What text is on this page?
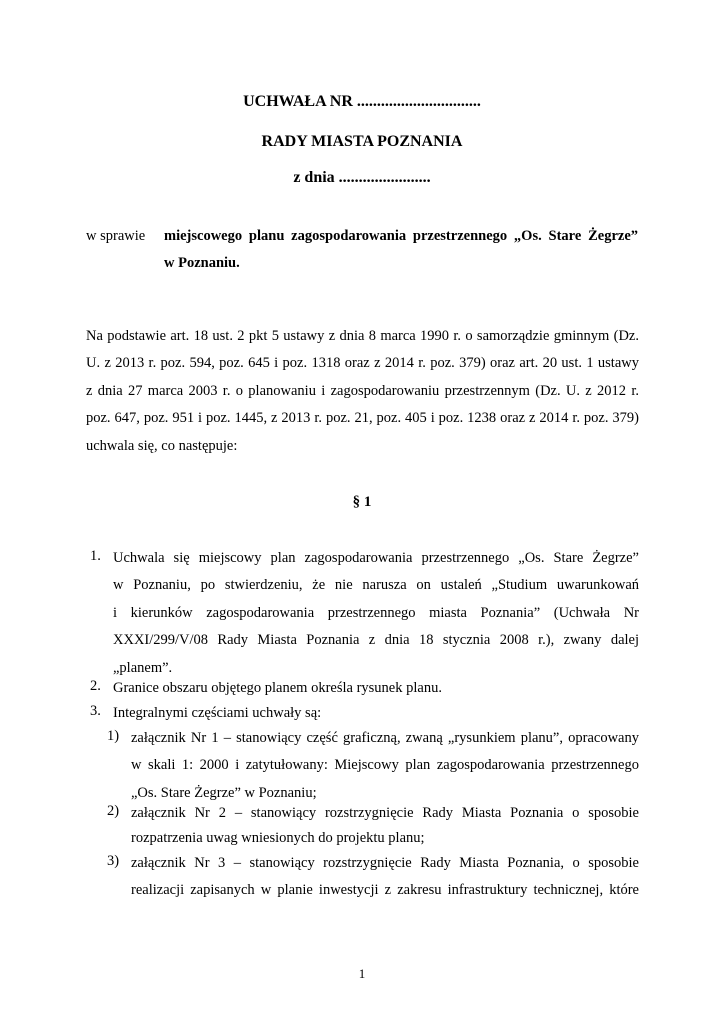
UCHWAŁA NR ...............................
RADY MIASTA POZNANIA
z dnia .......................
w sprawie miejscowego planu zagospodarowania przestrzennego „Os. Stare Żegrze”
w Poznaniu.
Na podstawie art. 18 ust. 2 pkt 5 ustawy z dnia 8 marca 1990 r. o samorządzie gminnym (Dz.
U. z 2013 r. poz. 594, poz. 645 i poz. 1318 oraz z 2014 r. poz. 379) oraz art. 20 ust. 1 ustawy
z dnia 27 marca 2003 r. o planowaniu i zagospodarowaniu przestrzennym (Dz. U. z 2012 r.
poz. 647, poz. 951 i poz. 1445, z 2013 r. poz. 21, poz. 405 i poz. 1238 oraz z 2014 r. poz. 379)
uchwala się, co następuje:
§ 1
1. Uchwala się miejscowy plan zagospodarowania przestrzennego „Os. Stare Żegrze”
w Poznaniu, po stwierdzeniu, że nie narusza on ustaleń „Studium uwarunkowań
i kierunków zagospodarowania przestrzennego miasta Poznania” (Uchwała Nr
XXXI/299/V/08 Rady Miasta Poznania z dnia 18 stycznia 2008 r.), zwany dalej
„planem”.
2. Granice obszaru objętego planem określa rysunek planu.
3. Integralnymi częściami uchwały są:
1) załącznik Nr 1 – stanowiący część graficzną, zwaną „rysunkiem planu”, opracowany
w skali 1: 2000 i zatytułowany: Miejscowy plan zagospodarowania przestrzennego
„Os. Stare Żegrze” w Poznaniu;
2) załącznik Nr 2 – stanowiący rozstrzygnięcie Rady Miasta Poznania o sposobie
rozpatrzenia uwag wniesionych do projektu planu;
3) załącznik Nr 3 – stanowiący rozstrzygnięcie Rady Miasta Poznania, o sposobie
realizacji zapisanych w planie inwestycji z zakresu infrastruktury technicznej, które
1
